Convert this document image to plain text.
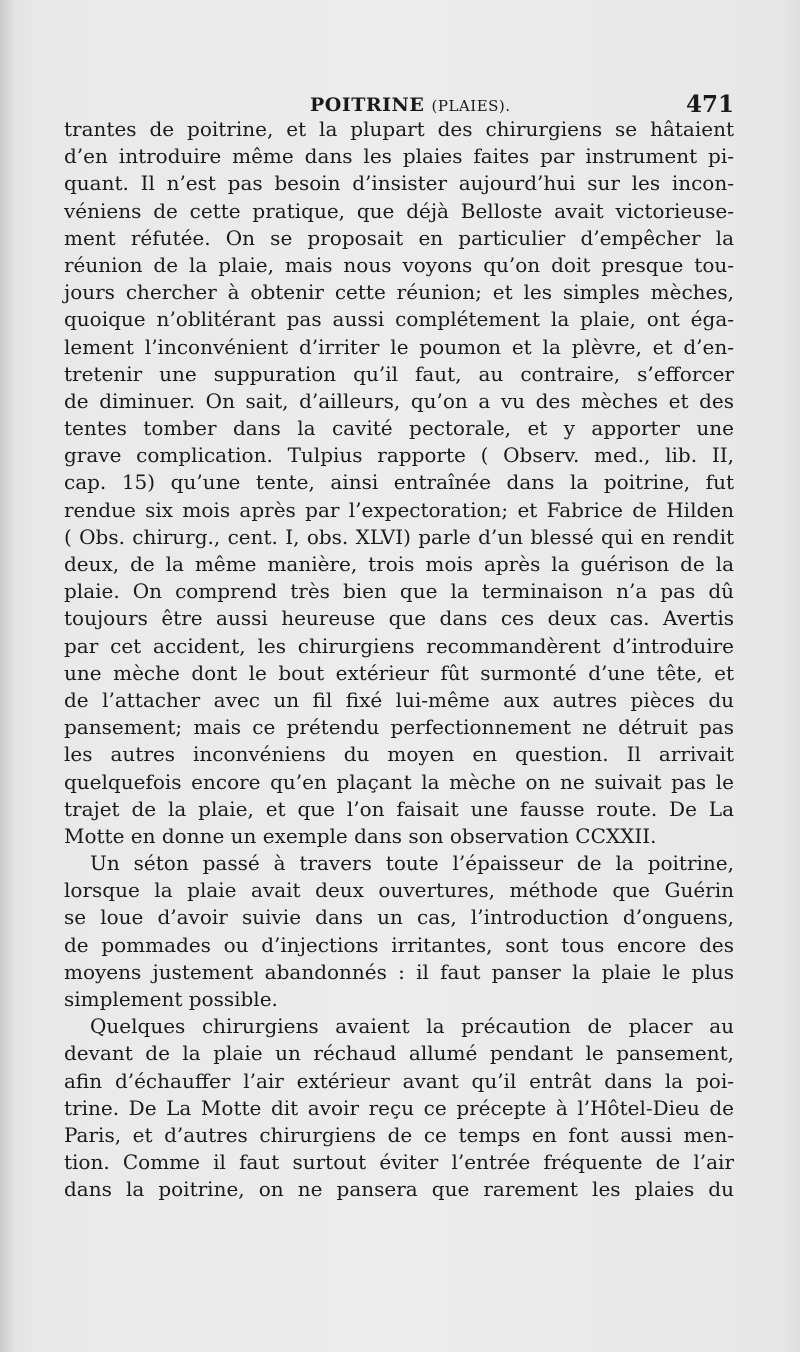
POITRINE (PLAIES).	471
trantes de poitrine, et la plupart des chirurgiens se hâtaient
d’en introduire même dans les plaies faites par instrument pi-
quant. Il n’est pas besoin d’insister aujourd’hui sur les incon-
véniens de cette pratique, que déjà Belloste avait victorieuse-
ment réfutée. On se proposait en particulier d’empêcher la
réunion de la plaie, mais nous voyons qu’on doit presque tou-
jours chercher à obtenir cette réunion; et les simples mèches,
quoique n’oblitérant pas aussi complétement la plaie, ont éga-
lement l’inconvénient d’irriter le poumon et la plèvre, et d’en-
tretenir une suppuration qu’il faut, au contraire, s’efforcer
de diminuer. On sait, d’ailleurs, qu’on a vu des mèches et des
tentes tomber dans la cavité pectorale, et y apporter une
grave complication. Tulpius rapporte ( Observ. med., lib. II,
cap. 15) qu’une tente, ainsi entraînée dans la poitrine, fut
rendue six mois après par l’expectoration; et Fabrice de Hilden
( Obs. chirurg., cent. I, obs. XLVI) parle d’un blessé qui en rendit
deux, de la même manière, trois mois après la guérison de la
plaie. On comprend très bien que la terminaison n’a pas dû
toujours être aussi heureuse que dans ces deux cas. Avertis
par cet accident, les chirurgiens recommandèrent d’introduire
une mèche dont le bout extérieur fût surmonté d’une tête, et
de l’attacher avec un fil fixé lui-même aux autres pièces du
pansement; mais ce prétendu perfectionnement ne détruit pas
les autres inconvéniens du moyen en question. Il arrivait
quelquefois encore qu’en plaçant la mèche on ne suivait pas le
trajet de la plaie, et que l’on faisait une fausse route. De La
Motte en donne un exemple dans son observation CCXXII.
Un séton passé à travers toute l’épaisseur de la poitrine,
lorsque la plaie avait deux ouvertures, méthode que Guérin
se loue d’avoir suivie dans un cas, l’introduction d’onguens,
de pommades ou d’injections irritantes, sont tous encore des
moyens justement abandonnés : il faut panser la plaie le plus
simplement possible.
Quelques chirurgiens avaient la précaution de placer au
devant de la plaie un réchaud allumé pendant le pansement,
afin d’échauffer l’air extérieur avant qu’il entrât dans la poi-
trine. De La Motte dit avoir reçu ce précepte à l’Hôtel-Dieu de
Paris, et d’autres chirurgiens de ce temps en font aussi men-
tion. Comme il faut surtout éviter l’entrée fréquente de l’air
dans la poitrine, on ne pansera que rarement les plaies du
